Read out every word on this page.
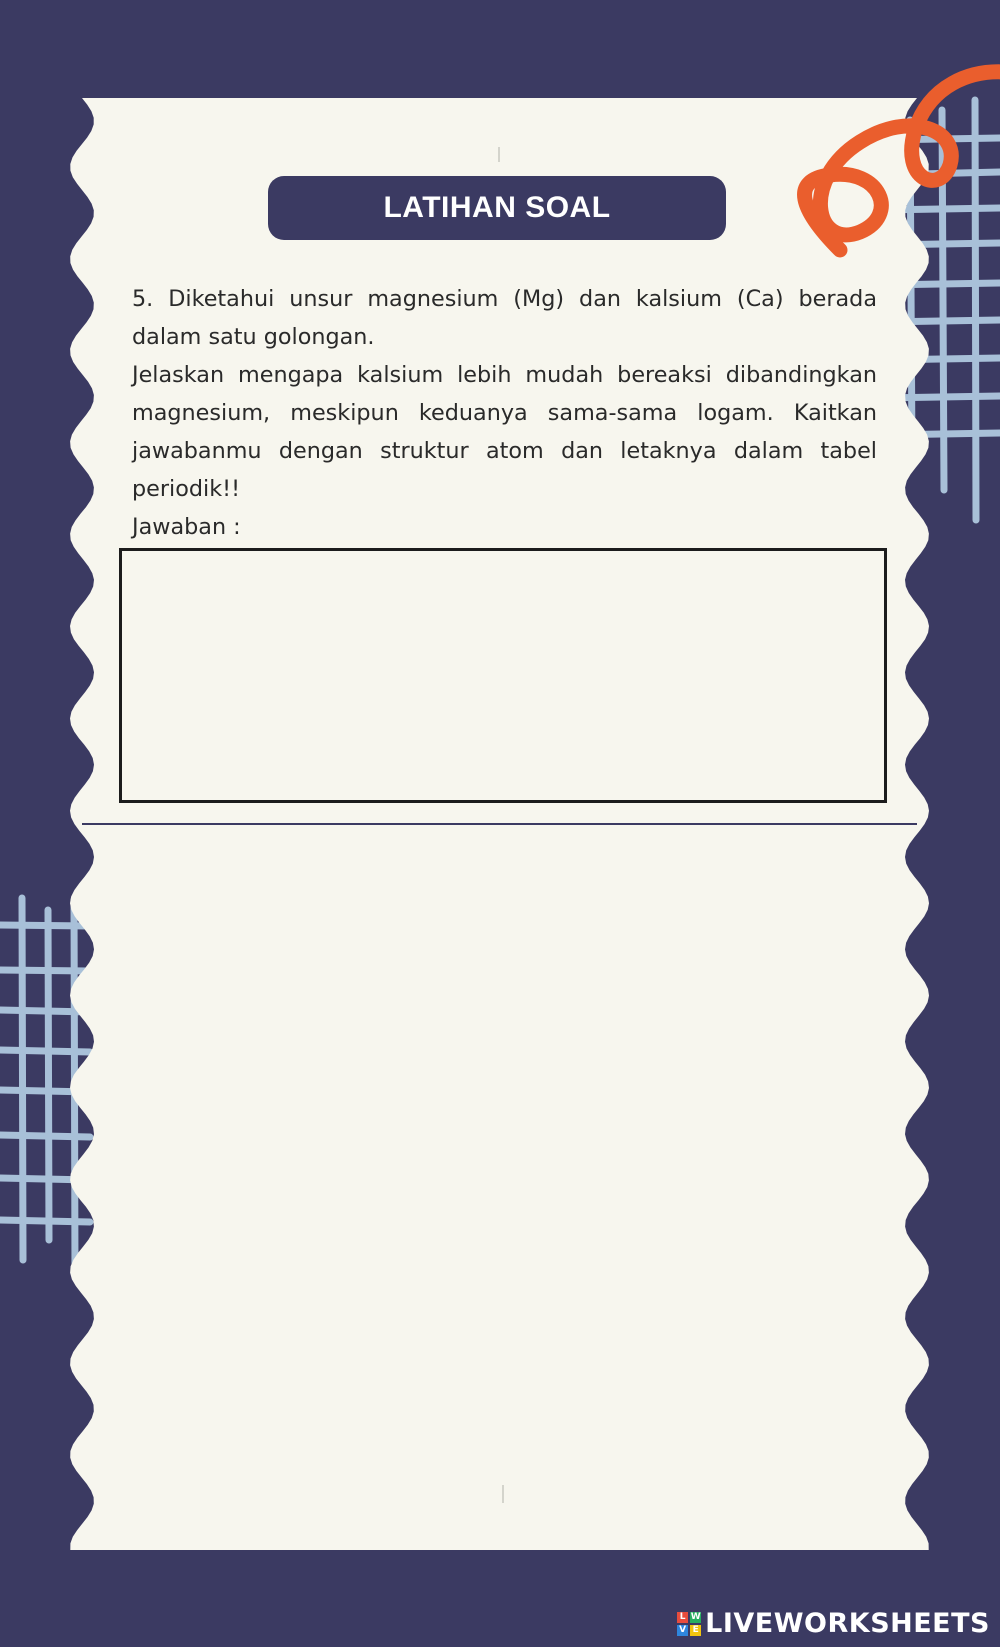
LATIHAN SOAL

5. Diketahui unsur magnesium (Mg) dan kalsium (Ca) berada dalam satu golongan.

Jelaskan mengapa kalsium lebih mudah bereaksi dibandingkan magnesium, meskipun keduanya sama-sama logam. Kaitkan jawabanmu dengan struktur atom dan letaknya dalam tabel periodik!!

Jawaban :
L W
V E LIVEWORKSHEETS
